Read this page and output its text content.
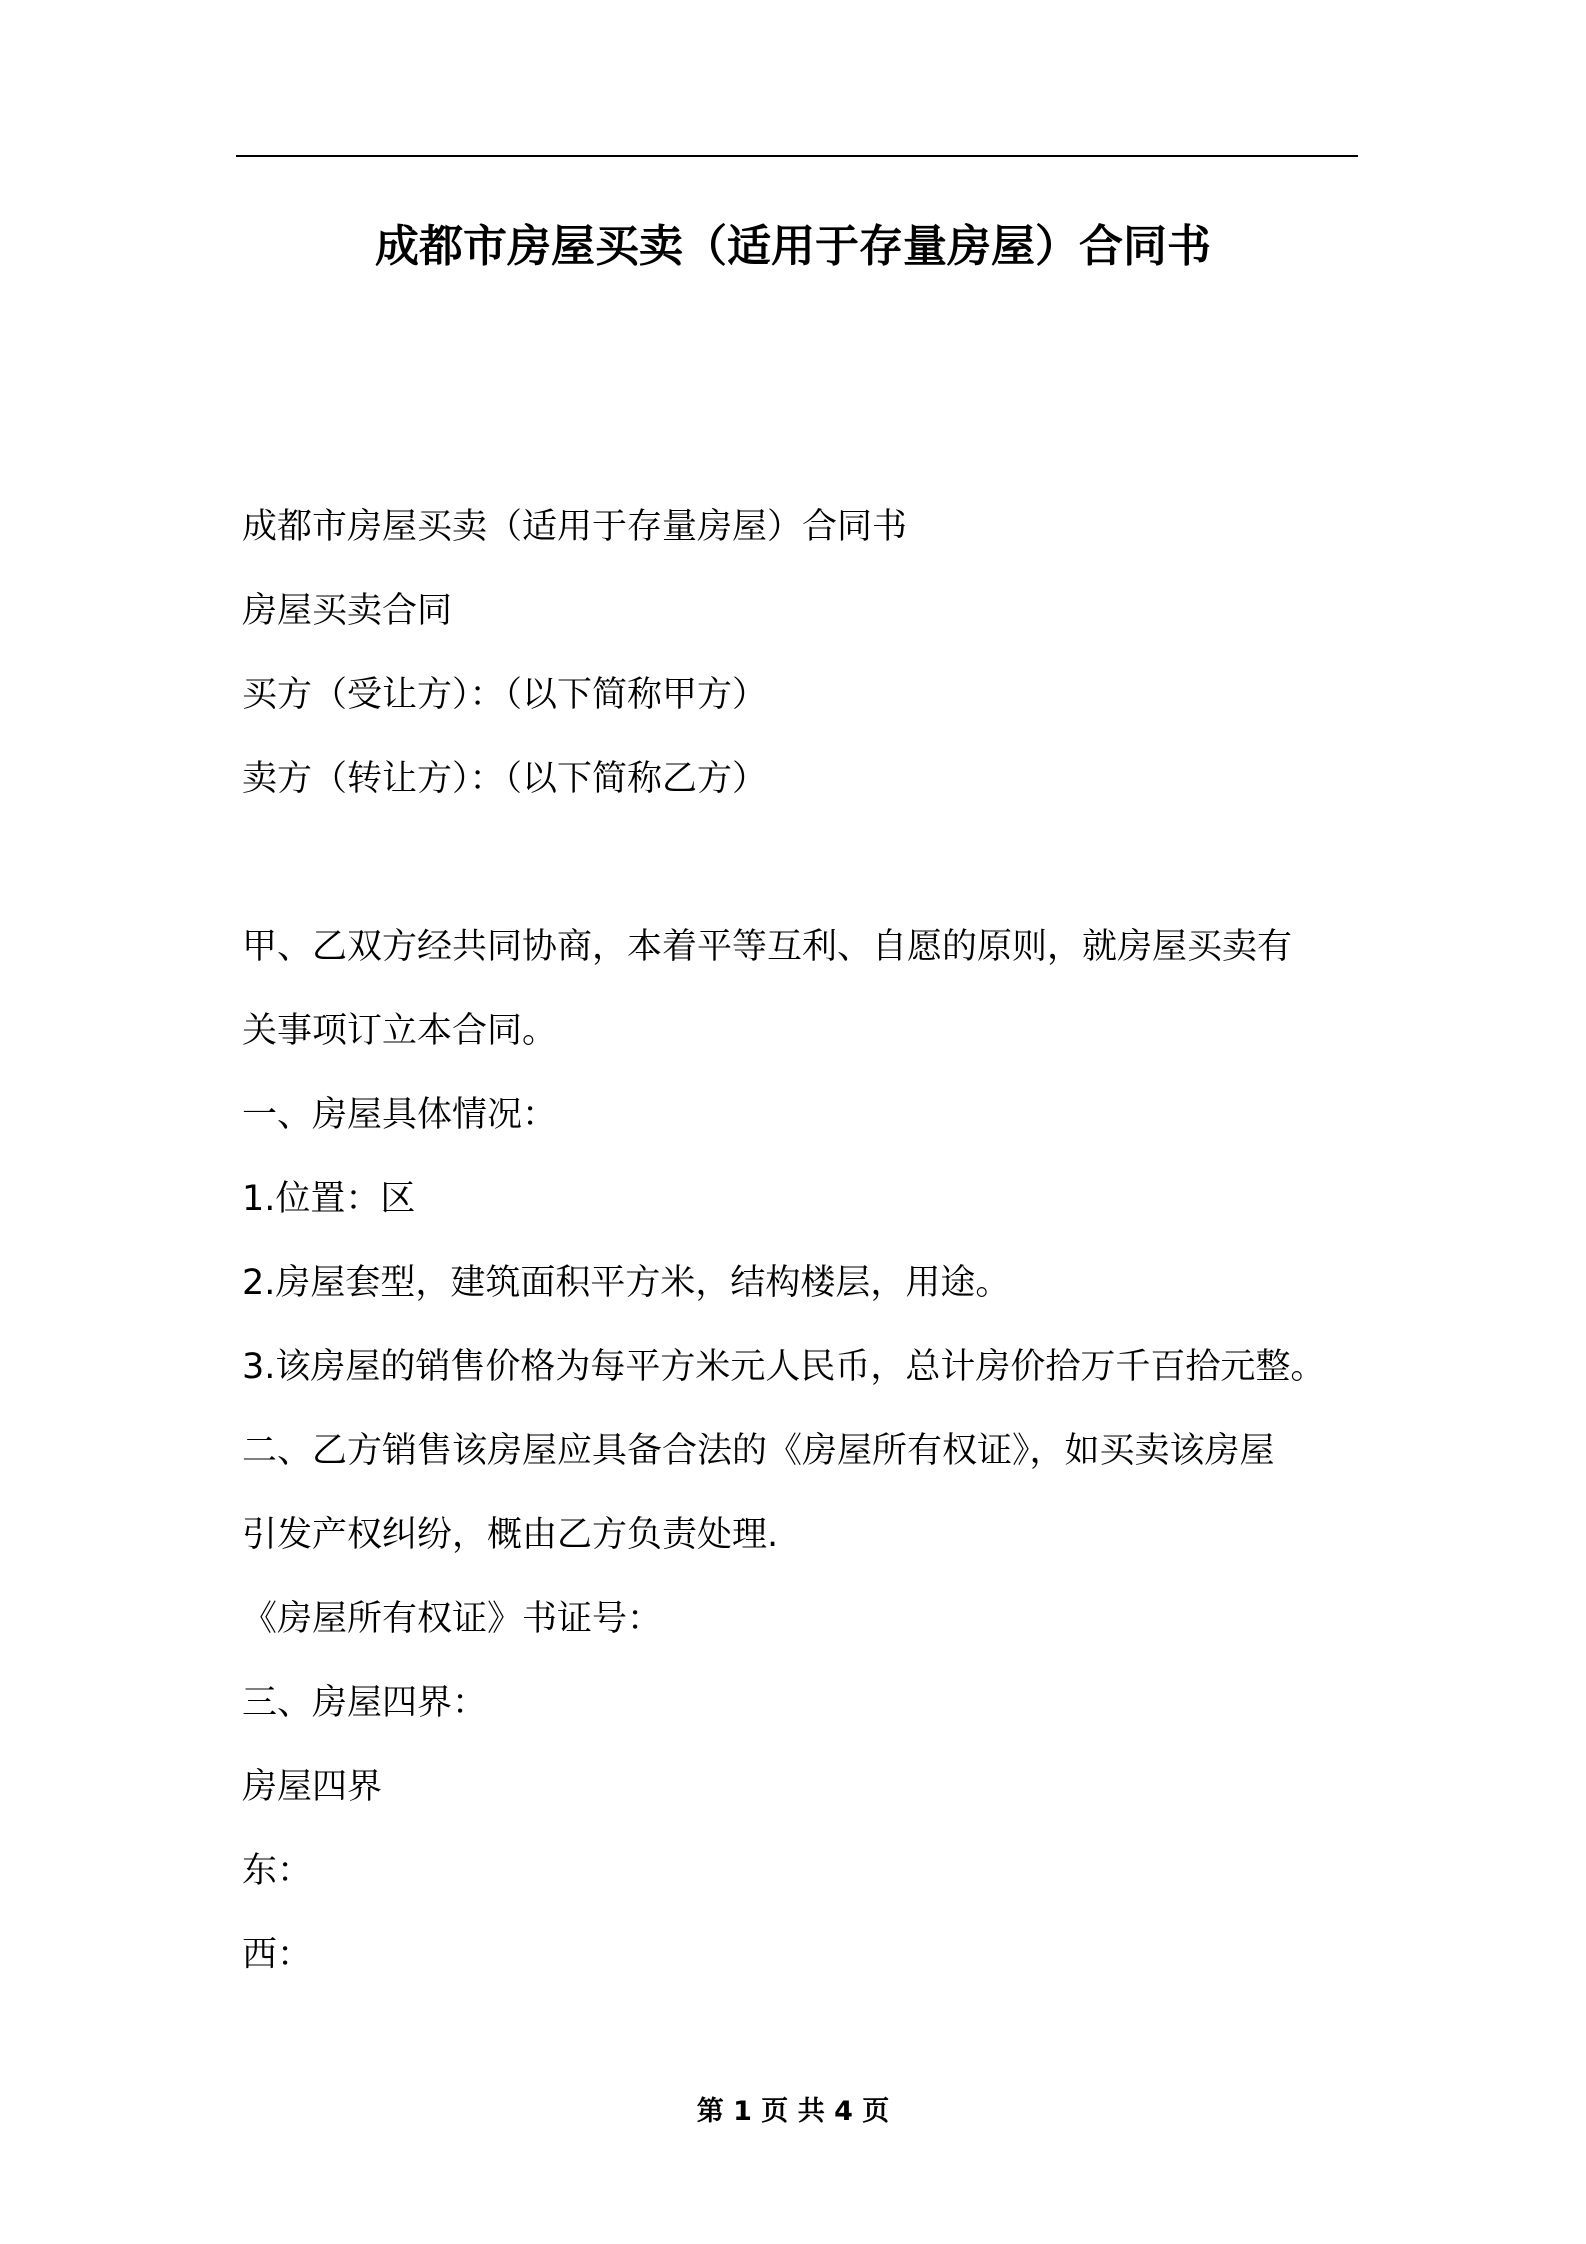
成都市房屋买卖（适用于存量房屋）合同书
成都市房屋买卖（适用于存量房屋）合同书
房屋买卖合同
买方（受让方）：（以下简称甲方）
卖方（转让方）：（以下简称乙方）
甲、乙双方经共同协商，本着平等互利、自愿的原则，就房屋买卖有
关事项订立本合同。
一、房屋具体情况：
1.位置：区
2.房屋套型，建筑面积平方米，结构楼层，用途。
3.该房屋的销售价格为每平方米元人民币，总计房价拾万千百拾元整。
二、乙方销售该房屋应具备合法的《房屋所有权证》，如买卖该房屋
引发产权纠纷，概由乙方负责处理.
《房屋所有权证》书证号：
三、房屋四界：
房屋四界
东：
西：
第 1 页 共 4 页
